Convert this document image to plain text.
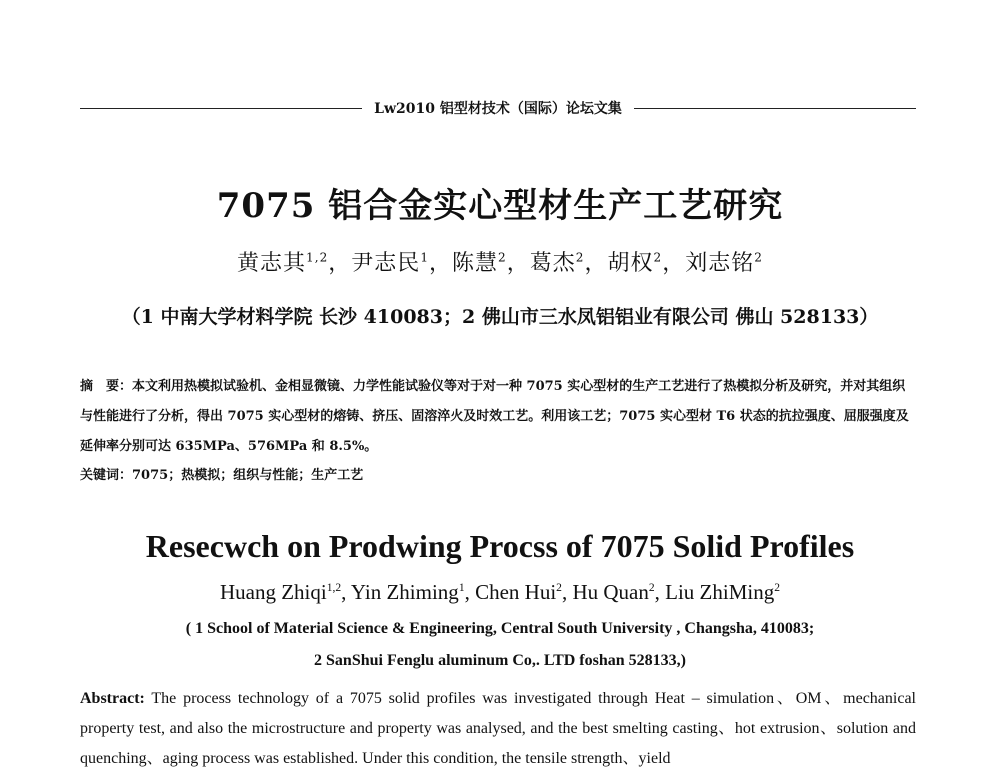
Lw2010 铝型材技术（国际）论坛文集
7075 铝合金实心型材生产工艺研究
黄志其$^{1,2}$，尹志民$^1$，陈慧$^2$，葛杰$^2$，胡权$^2$，刘志铭$^2$
（1 中南大学材料学院 长沙 410083；2 佛山市三水凤铝铝业有限公司 佛山 528133）
摘　要：本文利用热模拟试验机、金相显微镜、力学性能试验仪等对于对一种 7075 实心型材的生产工艺进行了热模拟分析及研究，并对其组织与性能进行了分析，得出 7075 实心型材的熔铸、挤压、固溶淬火及时效工艺。利用该工艺；7075 实心型材 T6 状态的抗拉强度、屈服强度及延伸率分别可达 635MPa、576MPa 和 8.5%。
关键词：7075；热模拟；组织与性能；生产工艺
Resecwch on Prodwing Procss of 7075 Solid Profiles
Huang Zhiqi$^{1,2}$, Yin Zhiming$^1$, Chen Hui$^2$, Hu Quan$^2$, Liu ZhiMing$^2$
( 1 School of Material Science & Engineering, Central South University , Changsha, 410083;
2 SanShui Fenglu aluminum Co,. LTD foshan 528133,)
Abstract: The process technology of a 7075 solid profiles was investigated through Heat – simulation、OM、mechanical property test, and also the microstructure and property was analysed, and the best smelting casting、hot extrusion、solution and quenching、aging process was established. Under this condition, the tensile strength、yield
